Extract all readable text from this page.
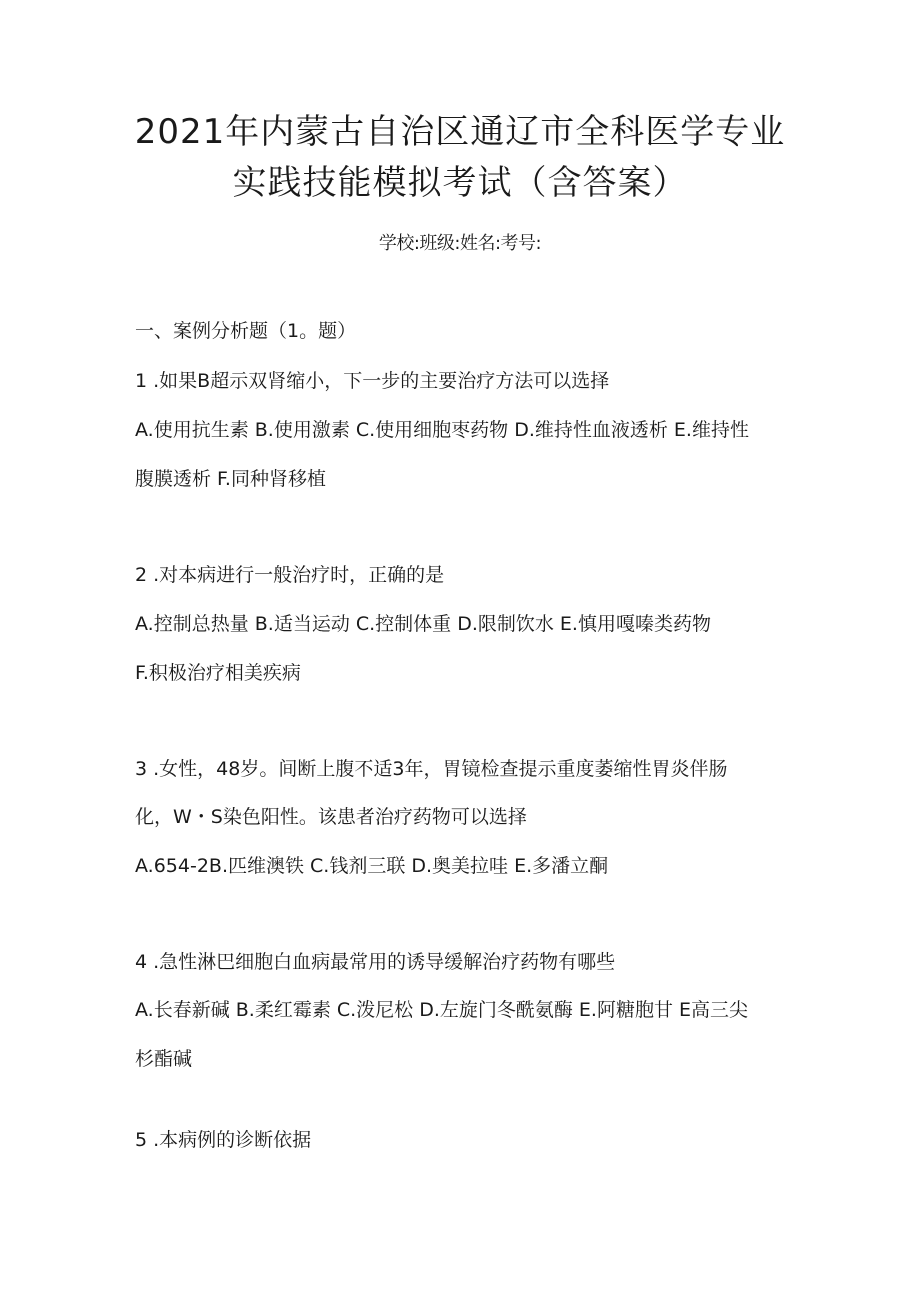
2021年内蒙古自治区通辽市全科医学专业
实践技能模拟考试（含答案）
学校:班级:姓名:考号:
一、案例分析题（1。题）
1 .如果B超示双肾缩小，下一步的主要治疗方法可以选择
A.使用抗生素 B.使用激素 C.使用细胞枣药物 D.维持性血液透析 E.维持性
腹膜透析 F.同种肾移植
2 .对本病进行一般治疗时，正确的是
A.控制总热量 B.适当运动 C.控制体重 D.限制饮水 E.慎用嘎嗪类药物
F.积极治疗相美疾病
3 .女性，48岁。间断上腹不适3年，胃镜检查提示重度萎缩性胃炎伴肠
化，W・S染色阳性。该患者治疗药物可以选择
A.654-2B.匹维澳铁 C.钱剂三联 D.奥美拉哇 E.多潘立酮
4 .急性淋巴细胞白血病最常用的诱导缓解治疗药物有哪些
A.长春新碱 B.柔红霉素 C.泼尼松 D.左旋门冬酰氨酶 E.阿糖胞甘 E高三尖
杉酯碱
5 .本病例的诊断依据
